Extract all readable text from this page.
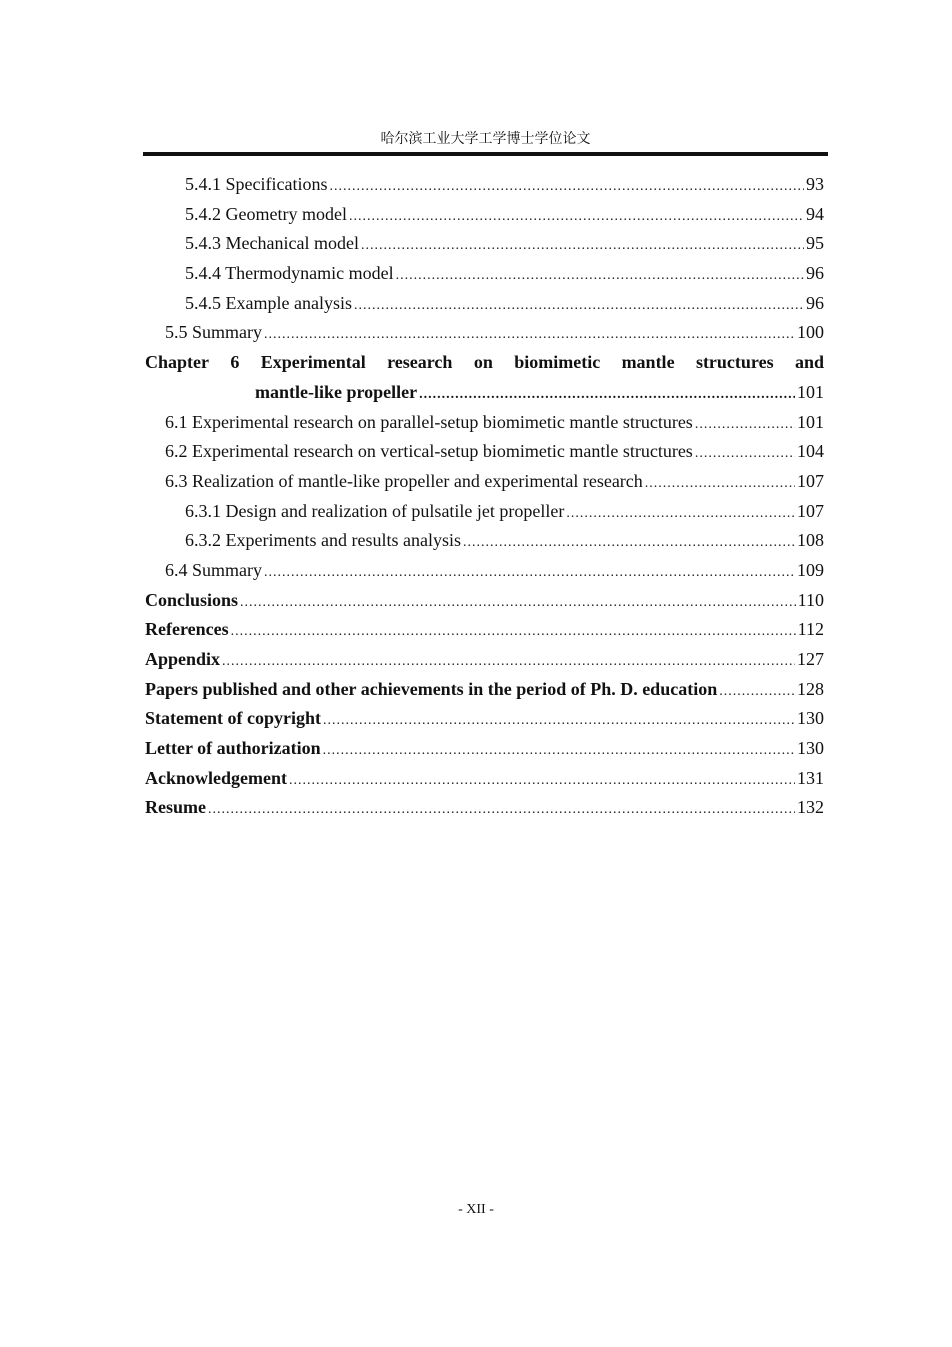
哈尔滨工业大学工学博士学位论文
5.4.1 Specifications .....	93
5.4.2 Geometry model .....	94
5.4.3 Mechanical model .....	95
5.4.4 Thermodynamic model .....	96
5.4.5 Example analysis .....	96
5.5 Summary .....	100
Chapter 6 Experimental research on biomimetic mantle structures and
mantle-like propeller .....	101
6.1 Experimental research on parallel-setup biomimetic mantle structures .....	101
6.2 Experimental research on vertical-setup biomimetic mantle structures .....	104
6.3 Realization of mantle-like propeller and experimental research .....	107
6.3.1 Design and realization of pulsatile jet propeller .....	107
6.3.2 Experiments and results analysis .....	108
6.4 Summary .....	109
Conclusions .....	110
References .....	112
Appendix .....	127
Papers published and other achievements in the period of Ph. D. education .....	128
Statement of copyright .....	130
Letter of authorization .....	130
Acknowledgement .....	131
Resume .....	132
- XII -
